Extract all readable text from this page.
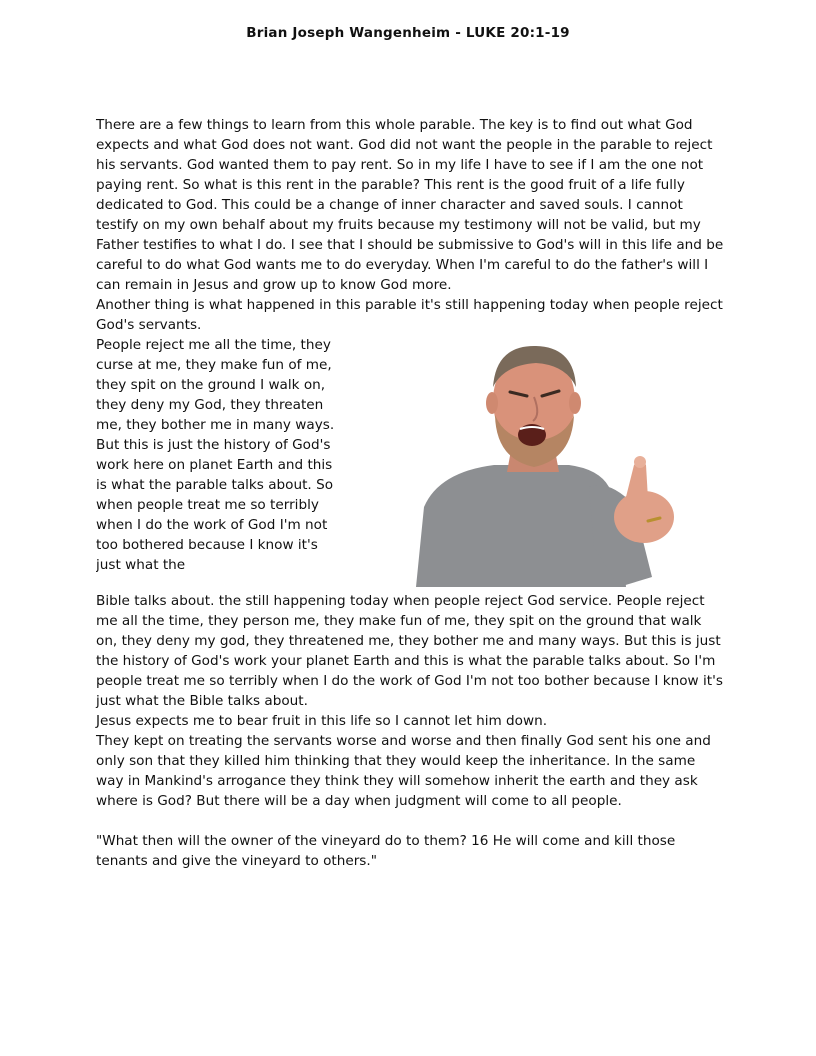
Brian Joseph Wangenheim - LUKE 20:1-19

There are a few things to learn from this whole parable. The key is to find out what God expects and what God does not want. God did not want the people in the parable to reject his servants. God wanted them to pay rent. So in my life I have to see if I am the one not paying rent. So what is this rent in the parable? This rent is the good fruit of a life fully dedicated to God. This could be a change of inner character and saved souls. I cannot testify on my own behalf about my fruits because my testimony will not be valid, but my Father testifies to what I do. I see that I should be submissive to God's will in this life and be careful to do what God wants me to do everyday. When I'm careful to do the father's will I can remain in Jesus and grow up to know God more.

Another thing is what happened in this parable it's still happening today when people reject God's servants.

People reject me all the time, they curse at me, they make fun of me, they spit on the ground I walk on, they deny my God, they threaten me, they bother me in many ways. But this is just the history of God's work here on planet Earth and this is what the parable talks about. So when people treat me so terribly when I do the work of God I'm not too bothered because I know it's just what the

Bible talks about. the still happening today when people reject God service. People reject me all the time, they person me, they make fun of me, they spit on the ground that walk on, they deny my god, they threatened me, they bother me and many ways. But this is just the history of God's work your planet Earth and this is what the parable talks about. So I'm people treat me so terribly when I do the work of God I'm not too bother because I know it's just what the Bible talks about.

Jesus expects me to bear fruit in this life so I cannot let him down.

They kept on treating the servants worse and worse and then finally God sent his one and only son that they killed him thinking that they would keep the inheritance. In the same way in Mankind's arrogance they think they will somehow inherit the earth and they ask where is God? But there will be a day when judgment will come to all people.

"What then will the owner of the vineyard do to them? 16 He will come and kill those tenants and give the vineyard to others."
